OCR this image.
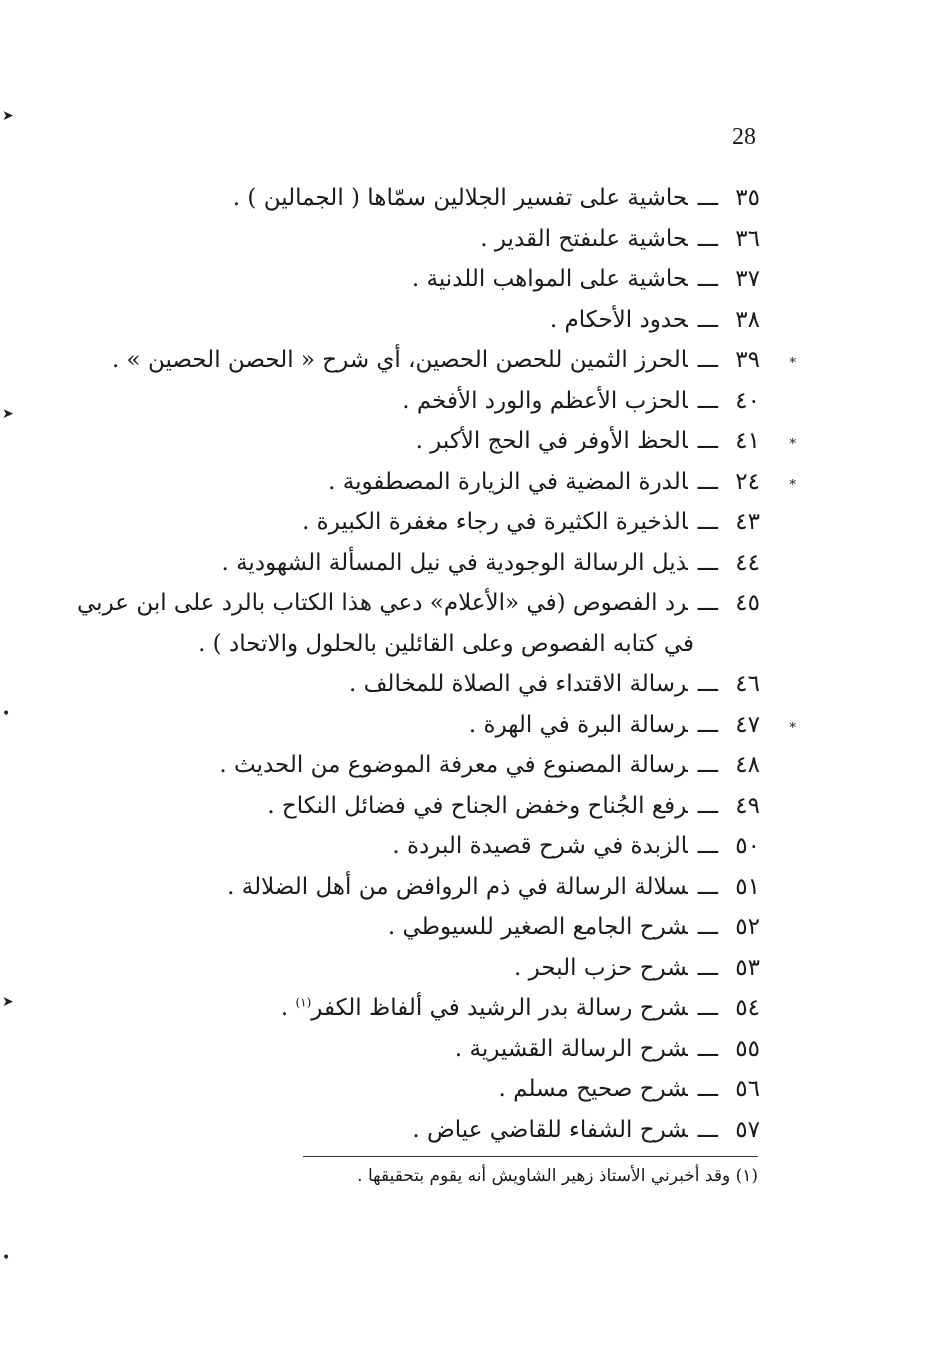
28
٣٥ـــحاشية على تفسير الجلالين سمّاها ( الجمالين ) .
٣٦ـــحاشية علىفتح القدير .
٣٧ـــحاشية على المواهب اللدنية .
٣٨ـــحدود الأحكام .
*
٣٩ـــالحرز الثمين للحصن الحصين، أي شرح « الحصن الحصين » .
٤٠ـــالحزب الأعظم والورد الأفخم .
*
٤١ـــالحظ الأوفر في الحج الأكبر .
*
٢٤ـــالدرة المضية في الزيارة المصطفوية .
٤٣ـــالذخيرة الكثيرة في رجاء مغفرة الكبيرة .
٤٤ـــذيل الرسالة الوجودية في نيل المسألة الشهودية .
٤٥ـــرد الفصوص (في «الأعلام» دعي هذا الكتاب بالرد على ابن عربي
في كتابه الفصوص وعلى القائلين بالحلول والاتحاد ) .
٤٦ـــرسالة الاقتداء في الصلاة للمخالف .
*
٤٧ـــرسالة البرة في الهرة .
٤٨ـــرسالة المصنوع في معرفة الموضوع من الحديث .
٤٩ـــرفع الجُناح وخفض الجناح في فضائل النكاح .
٥٠ـــالزبدة في شرح قصيدة البردة .
٥١ـــسلالة الرسالة في ذم الروافض من أهل الضلالة .
٥٢ـــشرح الجامع الصغير للسيوطي .
٥٣ـــشرح حزب البحر .
٥٤ـــشرح رسالة بدر الرشيد في ألفاظ الكفر$^{(١)}$ .
٥٥ـــشرح الرسالة القشيرية .
٥٦ـــشرح صحيح مسلم .
٥٧ـــشرح الشفاء للقاضي عياض .
(١) وقد أخبرني الأستاذ زهير الشاويش أنه يقوم بتحقيقها .
➤
➤
•
➤
•
